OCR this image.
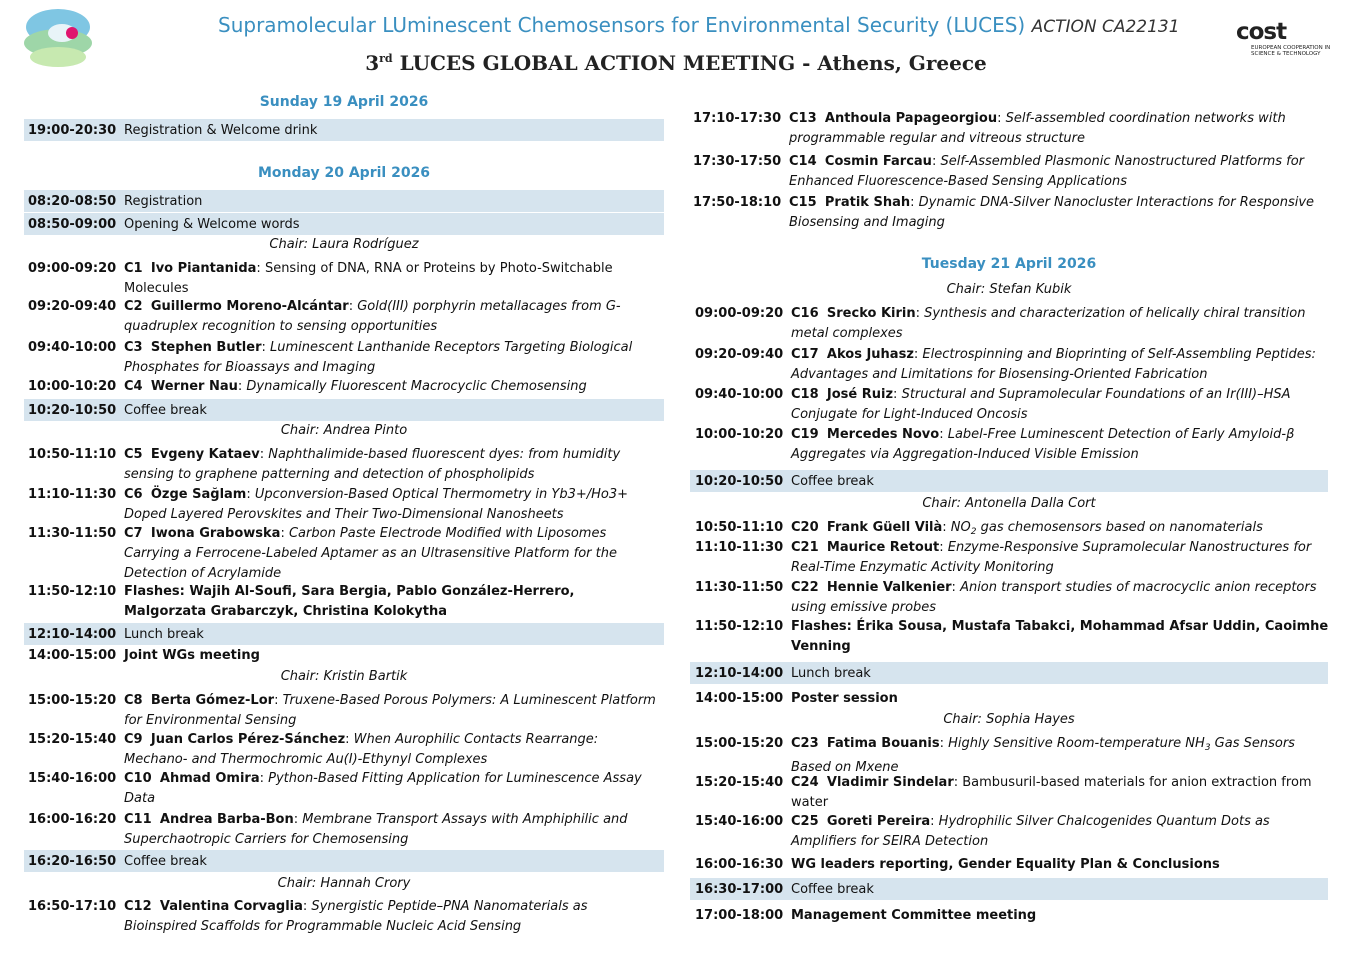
Supramolecular LUminescent Chemosensors for Environmental Security (LUCES) ACTION CA22131 cost
EUROPEAN COOPERATION IN SCIENCE & TECHNOLOGY
3rd LUCES GLOBAL ACTION MEETING - Athens, Greece
Sunday 19 April 2026
Monday 20 April 2026
Tuesday 21 April 2026
19:00-20:30 Registration & Welcome drink
08:20-08:50 Registration
08:50-09:00 Opening & Welcome words
09:00-09:20 C1 Ivo Piantanida: Sensing of DNA, RNA or Proteins by Photo-Switchable Molecules
09:20-09:40 C2 Guillermo Moreno-Alcántar: Gold(III) porphyrin metallacages from G-quadruplex recognition to sensing opportunities
09:40-10:00 C3 Stephen Butler: Luminescent Lanthanide Receptors Targeting Biological Phosphates for Bioassays and Imaging
10:00-10:20 C4 Werner Nau: Dynamically Fluorescent Macrocyclic Chemosensing
10:20-10:50 Coffee break
10:50-11:10 C5 Evgeny Kataev: Naphthalimide-based fluorescent dyes: from humidity sensing to graphene patterning and detection of phospholipids
11:10-11:30 C6 Özge Sağlam: Upconversion-Based Optical Thermometry in Yb3+/Ho3+ Doped Layered Perovskites and Their Two-Dimensional Nanosheets
11:30-11:50 C7 Iwona Grabowska: Carbon Paste Electrode Modified with Liposomes Carrying a Ferrocene-Labeled Aptamer as an Ultrasensitive Platform for the Detection of Acrylamide
11:50-12:10 Flashes: Wajih Al-Soufi, Sara Bergia, Pablo González-Herrero, Malgorzata Grabarczyk, Christina Kolokytha
12:10-14:00 Lunch break
14:00-15:00 Joint WGs meeting
15:00-15:20 C8 Berta Gómez-Lor: Truxene-Based Porous Polymers: A Luminescent Platform for Environmental Sensing
15:20-15:40 C9 Juan Carlos Pérez-Sánchez: When Aurophilic Contacts Rearrange: Mechano- and Thermochromic Au(I)-Ethynyl Complexes
15:40-16:00 C10 Ahmad Omira: Python-Based Fitting Application for Luminescence Assay Data
16:00-16:20 C11 Andrea Barba-Bon: Membrane Transport Assays with Amphiphilic and Superchaotropic Carriers for Chemosensing
16:20-16:50 Coffee break
16:50-17:10 C12 Valentina Corvaglia: Synergistic Peptide–PNA Nanomaterials as Bioinspired Scaffolds for Programmable Nucleic Acid Sensing
17:10-17:30 C13 Anthoula Papageorgiou: Self-assembled coordination networks with programmable regular and vitreous structure
17:30-17:50 C14 Cosmin Farcau: Self-Assembled Plasmonic Nanostructured Platforms for Enhanced Fluorescence-Based Sensing Applications
17:50-18:10 C15 Pratik Shah: Dynamic DNA-Silver Nanocluster Interactions for Responsive Biosensing and Imaging
09:00-09:20 C16 Srecko Kirin: Synthesis and characterization of helically chiral transition metal complexes
09:20-09:40 C17 Akos Juhasz: Electrospinning and Bioprinting of Self-Assembling Peptides: Advantages and Limitations for Biosensing-Oriented Fabrication
09:40-10:00 C18 José Ruiz: Structural and Supramolecular Foundations of an Ir(III)–HSA Conjugate for Light-Induced Oncosis
10:00-10:20 C19 Mercedes Novo: Label-Free Luminescent Detection of Early Amyloid-β Aggregates via Aggregation-Induced Visible Emission
10:20-10:50 Coffee break
10:50-11:10 C20 Frank Güell Vilà: $NO_2$ gas chemosensors based on nanomaterials
11:10-11:30 C21 Maurice Retout: Enzyme-Responsive Supramolecular Nanostructures for Real-Time Enzymatic Activity Monitoring
11:30-11:50 C22 Hennie Valkenier: Anion transport studies of macrocyclic anion receptors using emissive probes
11:50-12:10 Flashes: Érika Sousa, Mustafa Tabakci, Mohammad Afsar Uddin, Caoimhe Venning
12:10-14:00 Lunch break
14:00-15:00 Poster session
15:00-15:20 C23 Fatima Bouanis: Highly Sensitive Room-temperature $NH_3$ Gas Sensors Based on Mxene
15:20-15:40 C24 Vladimir Sindelar: Bambusuril-based materials for anion extraction from water
15:40-16:00 C25 Goreti Pereira: Hydrophilic Silver Chalcogenides Quantum Dots as Amplifiers for SEIRA Detection
16:00-16:30 WG leaders reporting, Gender Equality Plan & Conclusions
16:30-17:00 Coffee break
17:00-18:00 Management Committee meeting
Chair: Laura Rodríguez
Chair: Andrea Pinto
Chair: Kristin Bartik
Chair: Hannah Crory
Chair: Stefan Kubik
Chair: Antonella Dalla Cort
Chair: Sophia Hayes
